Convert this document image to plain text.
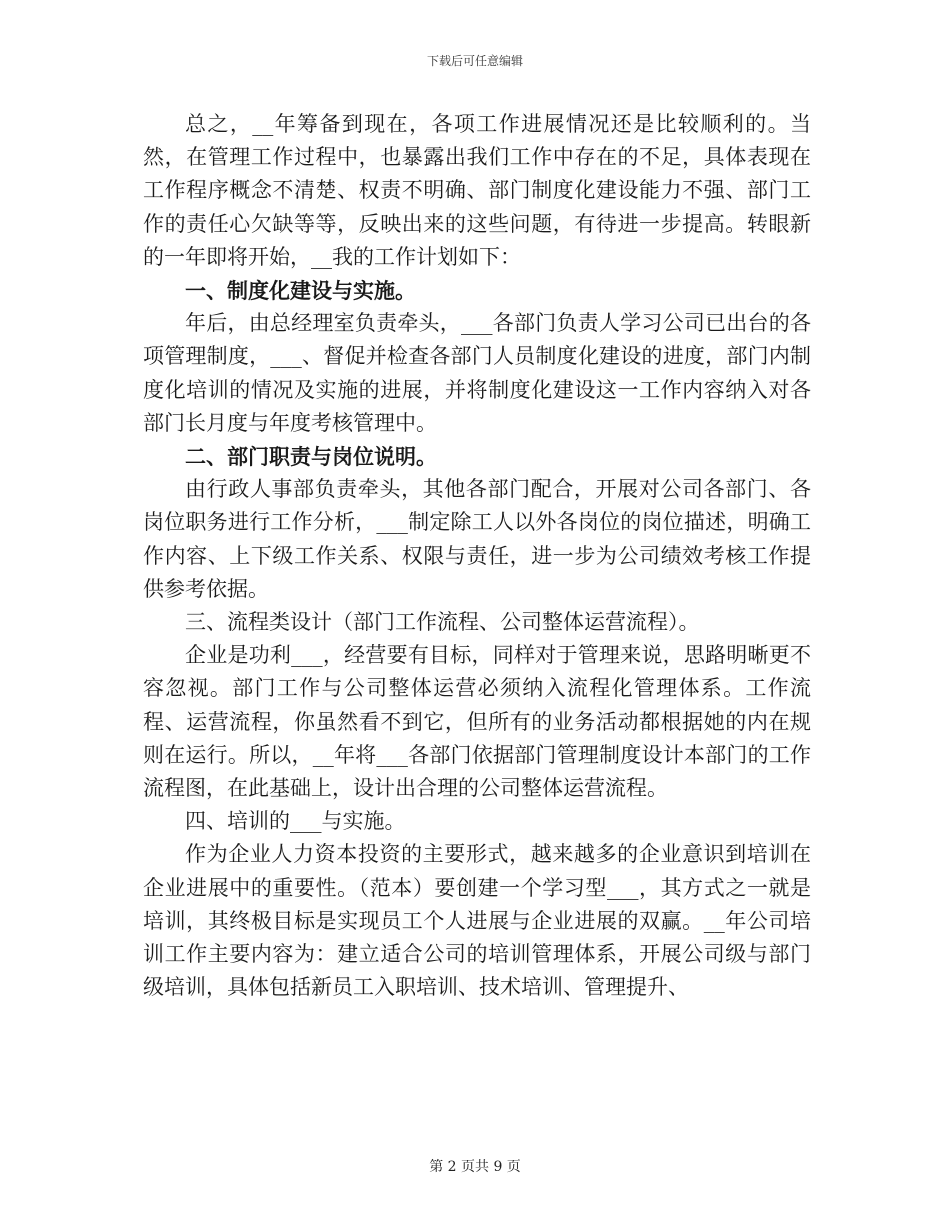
下载后可任意编辑

总之，__年筹备到现在，各项工作进展情况还是比较顺利的。当然，在管理工作过程中，也暴露出我们工作中存在的不足，具体表现在工作程序概念不清楚、权责不明确、部门制度化建设能力不强、部门工作的责任心欠缺等等，反映出来的这些问题，有待进一步提高。转眼新的一年即将开始，__我的工作计划如下：

一、制度化建设与实施。

年后，由总经理室负责牵头，___各部门负责人学习公司已出台的各项管理制度，___、督促并检查各部门人员制度化建设的进度，部门内制度化培训的情况及实施的进展，并将制度化建设这一工作内容纳入对各部门长月度与年度考核管理中。

二、部门职责与岗位说明。

由行政人事部负责牵头，其他各部门配合，开展对公司各部门、各岗位职务进行工作分析，___制定除工人以外各岗位的岗位描述，明确工作内容、上下级工作关系、权限与责任，进一步为公司绩效考核工作提供参考依据。

三、流程类设计（部门工作流程、公司整体运营流程）。

企业是功利___，经营要有目标，同样对于管理来说，思路明晰更不容忽视。部门工作与公司整体运营必须纳入流程化管理体系。工作流程、运营流程，你虽然看不到它，但所有的业务活动都根据她的内在规则在运行。所以，__年将___各部门依据部门管理制度设计本部门的工作流程图，在此基础上，设计出合理的公司整体运营流程。

四、培训的___与实施。

作为企业人力资本投资的主要形式，越来越多的企业意识到培训在企业进展中的重要性。（范本）要创建一个学习型___，其方式之一就是培训，其终极目标是实现员工个人进展与企业进展的双赢。__年公司培训工作主要内容为：建立适合公司的培训管理体系，开展公司级与部门级培训，具体包括新员工入职培训、技术培训、管理提升、

第 2 页共 9 页
